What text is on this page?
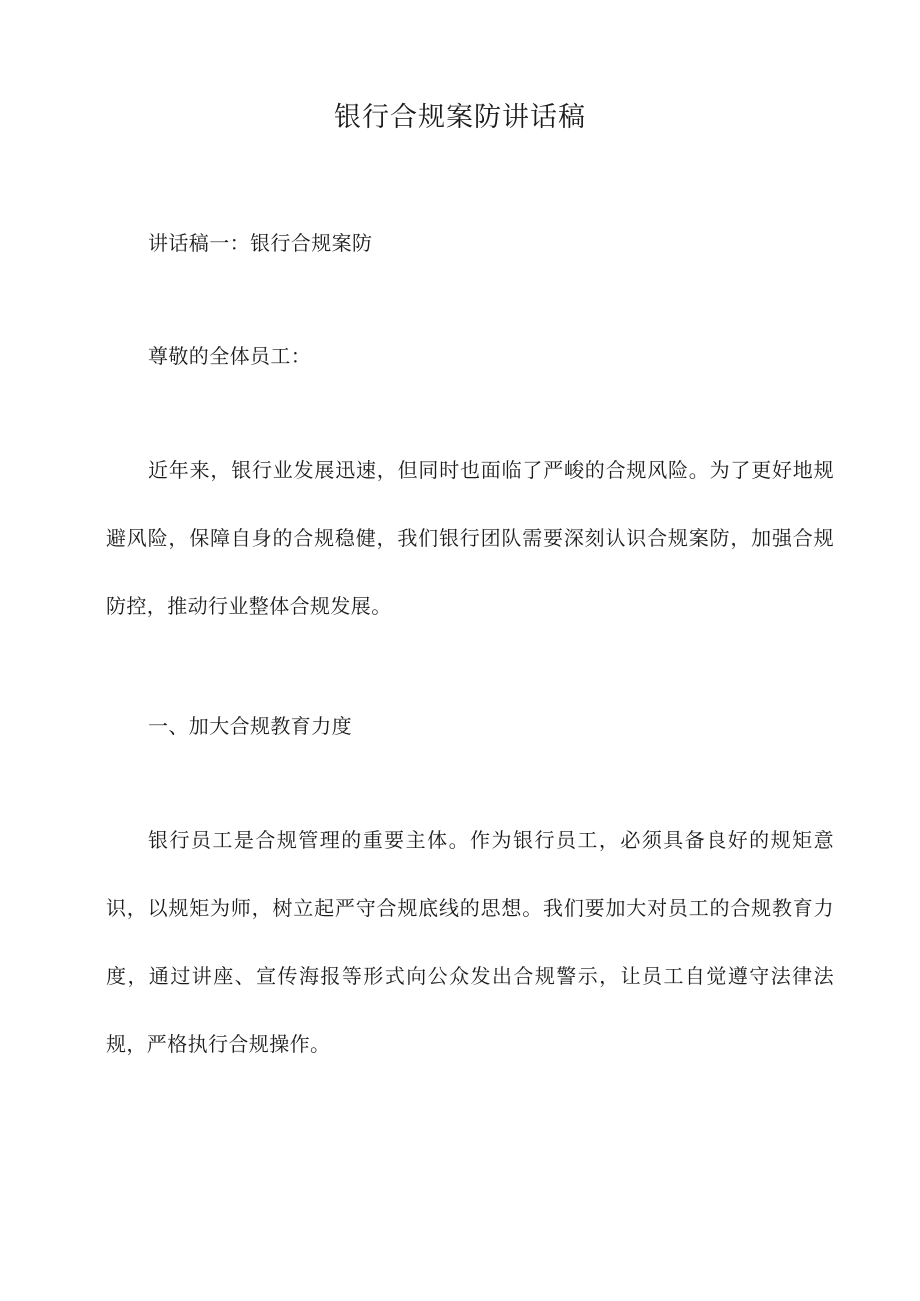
银行合规案防讲话稿

讲话稿一：银行合规案防

尊敬的全体员工：

近年来，银行业发展迅速，但同时也面临了严峻的合规风险。为了更好地规避风险，保障自身的合规稳健，我们银行团队需要深刻认识合规案防，加强合规防控，推动行业整体合规发展。

一、加大合规教育力度

银行员工是合规管理的重要主体。作为银行员工，必须具备良好的规矩意识，以规矩为师，树立起严守合规底线的思想。我们要加大对员工的合规教育力度，通过讲座、宣传海报等形式向公众发出合规警示，让员工自觉遵守法律法规，严格执行合规操作。
